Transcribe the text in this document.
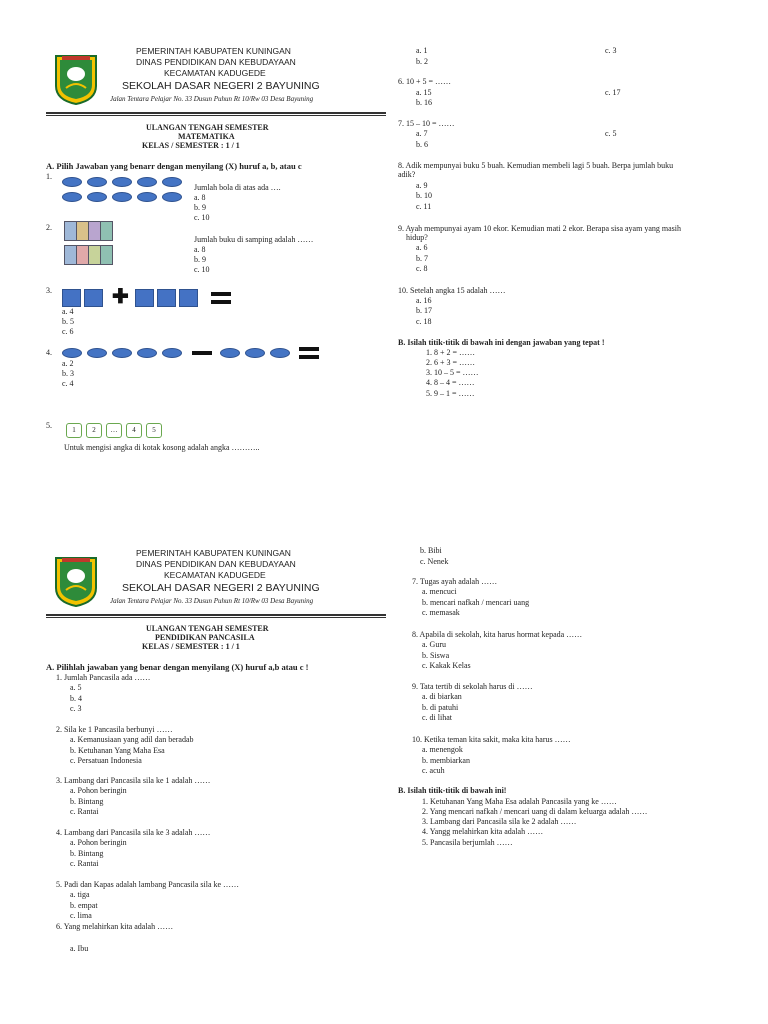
PEMERINTAH KABUPATEN KUNINGAN
DINAS PENDIDIKAN DAN KEBUDAYAAN
KECAMATAN KADUGEDE
SEKOLAH DASAR NEGERI 2 BAYUNING
Jalan Tentara Pelajar No. 33 Dusun Puhun Rt 10/Rw 03 Desa Bayuning
ULANGAN TENGAH SEMESTER
MATEMATIKA
KELAS / SEMESTER : 1 / 1
A. Pilih Jawaban yang benarr dengan menyilang (X) huruf a, b, atau c
1.
Jumlah bola di atas ada ….
a. 8
b. 9
c. 10
2.
Jumlah buku di samping adalah ……
a. 8
b. 9
c. 10
3.	✚
a. 4
b. 5
c. 6
4.

a. 2
b. 3
c. 4
5.	1 2 … 4 5
Untuk mengisi angka di kotak kosong adalah angka ………..
a. 1
b. 2
c. 3
6. 10 + 5 = ……
a. 15
b. 16
c. 17
7. 15 – 10 = ……
a. 7
b. 6
c. 5
8. Adik mempunyai buku 5 buah. Kemudian membeli lagi 5 buah. Berpa jumlah buku
adik?
a. 9
b. 10
c. 11
9. Ayah mempunyai ayam 10 ekor. Kemudian mati 2 ekor. Berapa sisa ayam yang masih
hidup?
a. 6
b. 7
c. 8
10. Setelah angka 15 adalah ……
a. 16
b. 17
c. 18
B. Isilah titik-titik di bawah ini dengan jawaban yang tepat !
1. 8 + 2 = ……
2. 6 + 3 = ……
3. 10 – 5 = ……
4. 8 – 4 = ……
5. 9 – 1 = ……
PEMERINTAH KABUPATEN KUNINGAN
DINAS PENDIDIKAN DAN KEBUDAYAAN
KECAMATAN KADUGEDE
SEKOLAH DASAR NEGERI 2 BAYUNING
Jalan Tentara Pelajar No. 33 Dusun Puhun Rt 10/Rw 03 Desa Bayuning
ULANGAN TENGAH SEMESTER
PENDIDIKAN PANCASILA
KELAS / SEMESTER : 1 / 1
A. Pilihlah jawaban yang benar dengan menyilang (X) huruf a,b atau c !
1. Jumlah Pancasila ada ……
a. 5
b. 4
c. 3
2. Sila ke 1 Pancasila berbunyi ……
a. Kemanusiaan yang adil dan beradab
b. Ketuhanan Yang Maha Esa
c. Persatuan Indonesia
3. Lambang dari Pancasila sila ke 1 adalah ……
a. Pohon beringin
b. Bintang
c. Rantai
4. Lambang dari Pancasila sila ke 3 adalah ……
a. Pohon beringin
b. Bintang
c. Rantai
5. Padi dan Kapas adalah lambang Pancasila sila ke ……
a. tiga
b. empat
c. lima
6. Yang melahirkan kita adalah ……
a. Ibu
b. Bibi
c. Nenek
7. Tugas ayah adalah ……
a. mencuci
b. mencari nafkah / mencari uang
c. memasak
8. Apabila di sekolah, kita harus hormat kepada ……
a. Guru
b. Siswa
c. Kakak Kelas
9. Tata tertib di sekolah harus di ……
a. di biarkan
b. di patuhi
c. di lihat
10. Ketika teman kita sakit, maka kita harus ……
a. menengok
b. membiarkan
c. acuh
B. Isilah titik-titik di bawah ini!
1. Ketuhanan Yang Maha Esa adalah Pancasila yang ke ……
2. Yang mencari nafkah / mencari uang di dalam keluarga adalah ……
3. Lambang dari Pancasila sila ke 2 adalah ……
4. Yangg melahirkan kita adalah ……
5. Pancasila berjumlah ……
